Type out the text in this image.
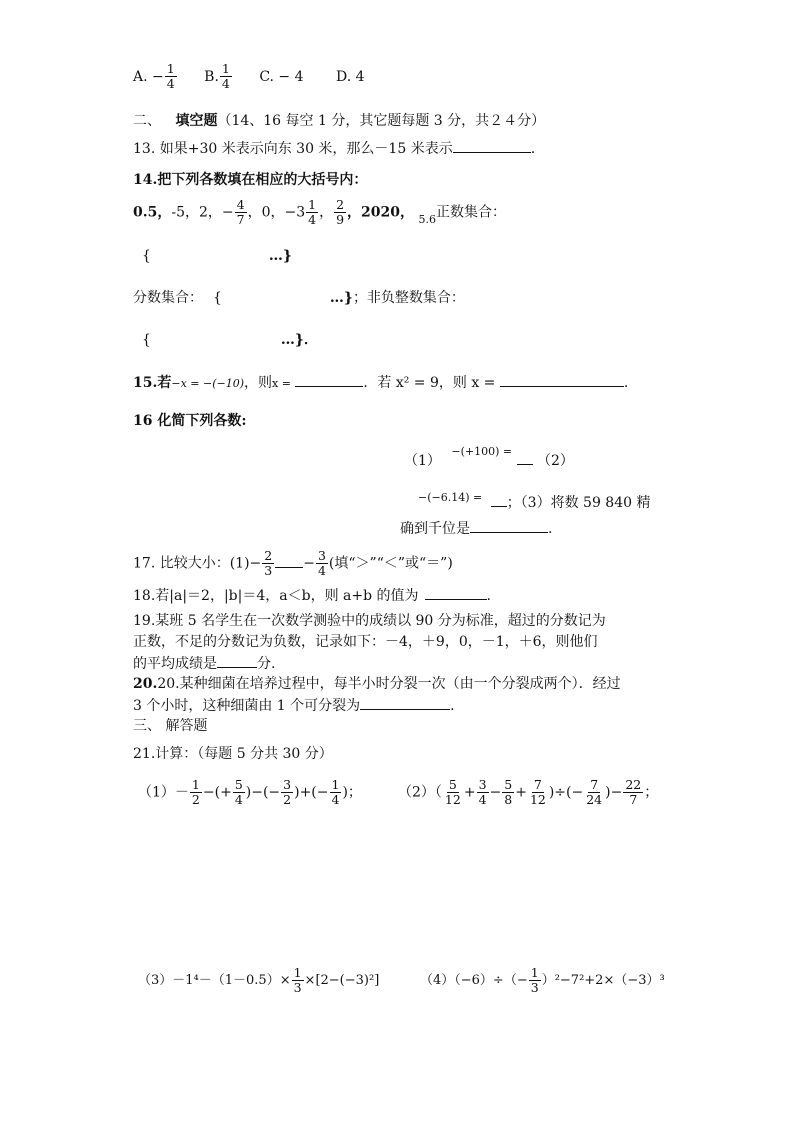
A. − $\frac{1}{4} B$. $\frac{1}{4} C$. − 4 D. 4
二、 填空题（14、16 每空 1 分，其它题每题 3 分，共２４分）
13. 如果+30 米表示向东 30 米，那么－15 米表示	.
14.把下列各数填在相应的大括号内：
0.5，-5，2，− $\frac{4}{7}$ ，0，$-3 \frac{1}{4}$ ， $\frac{2}{9}$ ，2020， $_{5.6}$正数集合：
{	…}
分数集合： {	…}；非负整数集合：
{	…}．
15.若−x = −(−10)，则x =	．若 x² = 9，则 x =	.
16 化简下列各数:
（1） $^{-(+100) =}$  （2）
$^{-(-6.14) =}$ ；（3）将数 59 840 精
确到千位是	.
17. 比较大小：$(1)- \frac{2}{3} - \frac{3}{4}$ (填“＞”“＜”或“＝”)
18.若|a|＝2，|b|＝4，a＜b，则 a+b 的值为	.
19.某班 5 名学生在一次数学测验中的成绩以 90 分为标准，超过的分数记为
正数，不足的分数记为负数，记录如下：－4，＋9，0，－1，＋6，则他们
的平均成绩是	分.
20.20.某种细菌在培养过程中，每半小时分裂一次（由一个分裂成两个）．经过
3 个小时，这种细菌由 1 个可分裂为	.
三、 解答题
21.计算：（每题 5 分共 30 分）
$(1)- \frac{1}{2}$ −(+ $\frac{5}{4}$ )−(− $\frac{3}{2}$ )+(− $\frac{1}{4}$ )；	$(2)( \frac{5}{12} + \frac{3}{4} - \frac{5}{8} + \frac{7}{12}$ )÷(− $\frac{7}{24}$ )− $\frac{22}{7}$ ；
$(3)-1^4-(1-0.5)\times \frac{1}{3} \times[2-(-3)^2]$	$(4)(-6)\div(- \frac{1}{3} )^2-7^2+2\times(-3)^3$
